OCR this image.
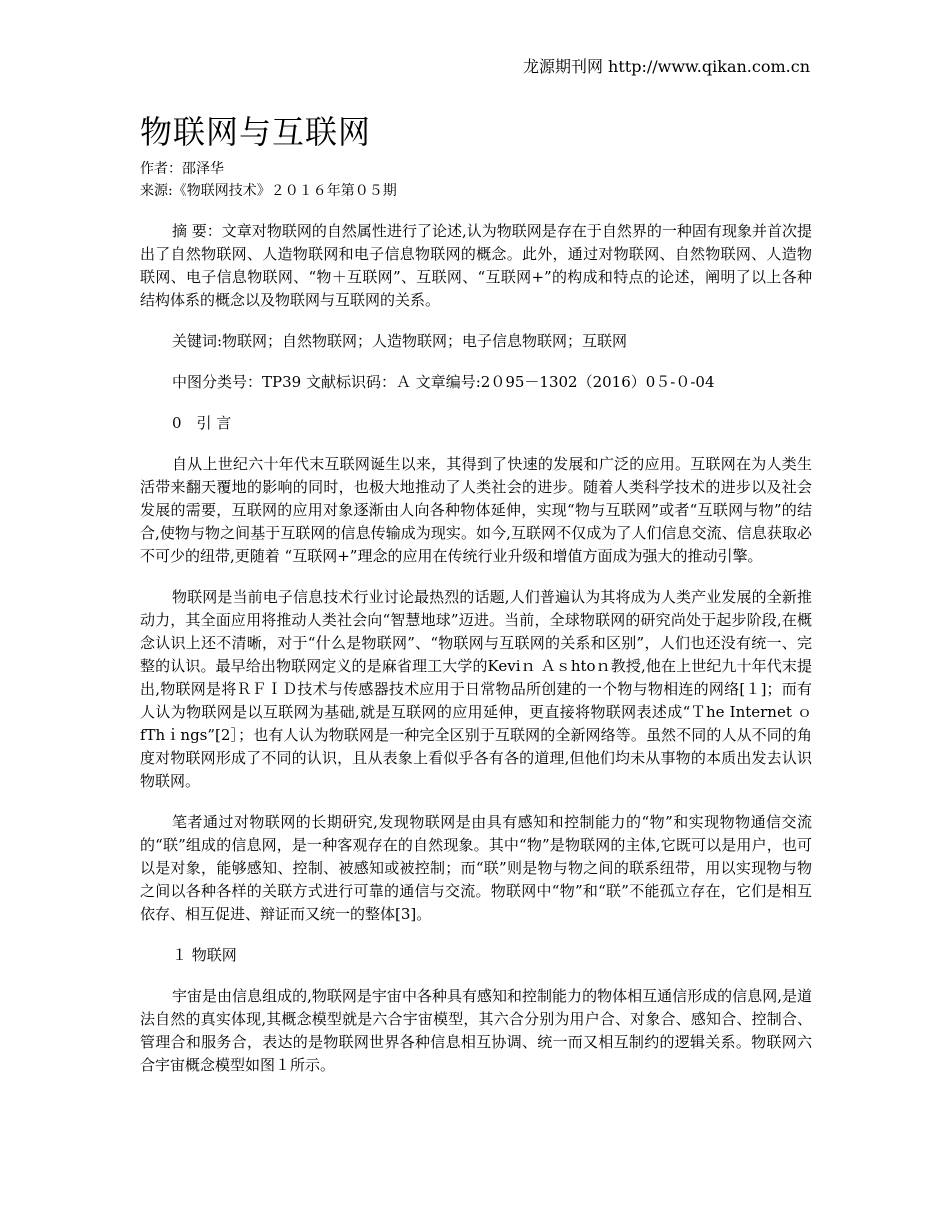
龙源期刊网 http://www.qikan.com.cn
物联网与互联网

作者：邵泽华

来源:《物联网技术》２０１６年第０５期

摘 要：文章对物联网的自然属性进行了论述,认为物联网是存在于自然界的一种固有现象并首次提出了自然物联网、人造物联网和电子信息物联网的概念。此外，通过对物联网、自然物联网、人造物联网、电子信息物联网、“物＋互联网”、互联网、“互联网+”的构成和特点的论述，阐明了以上各种结构体系的概念以及物联网与互联网的关系。

关键词:物联网；自然物联网；人造物联网；电子信息物联网；互联网

中图分类号：TP39 文献标识码：Ａ 文章编号:2０95－1302（2016）0５-０-04

0　引 言

自从上世纪六十年代末互联网诞生以来，其得到了快速的发展和广泛的应用。互联网在为人类生活带来翻天覆地的影响的同时，也极大地推动了人类社会的进步。随着人类科学技术的进步以及社会发展的需要，互联网的应用对象逐渐由人向各种物体延伸，实现“物与互联网”或者“互联网与物”的结合,使物与物之间基于互联网的信息传输成为现实。如今,互联网不仅成为了人们信息交流、信息获取必不可少的纽带,更随着 “互联网+”理念的应用在传统行业升级和增值方面成为强大的推动引擎。

物联网是当前电子信息技术行业讨论最热烈的话题,人们普遍认为其将成为人类产业发展的全新推动力，其全面应用将推动人类社会向“智慧地球”迈进。当前，全球物联网的研究尚处于起步阶段,在概念认识上还不清晰，对于“什么是物联网”、“物联网与互联网的关系和区别”，人们也还没有统一、完整的认识。最早给出物联网定义的是麻省理工大学的Keviｎ Ａｓhtoｎ教授,他在上世纪九十年代末提出,物联网是将ＲＦＩＤ技术与传感器技术应用于日常物品所创建的一个物与物相连的网络[１]；而有人认为物联网是以互联网为基础,就是互联网的应用延伸，更直接将物联网表述成“Ｔhe Internet ｏfThｉngs”[2］；也有人认为物联网是一种完全区别于互联网的全新网络等。虽然不同的人从不同的角度对物联网形成了不同的认识，且从表象上看似乎各有各的道理,但他们均未从事物的本质出发去认识物联网。

笔者通过对物联网的长期研究,发现物联网是由具有感知和控制能力的“物”和实现物物通信交流的“联”组成的信息网，是一种客观存在的自然现象。其中“物”是物联网的主体,它既可以是用户，也可以是对象，能够感知、控制、被感知或被控制；而“联”则是物与物之间的联系纽带，用以实现物与物之间以各种各样的关联方式进行可靠的通信与交流。物联网中“物”和“联”不能孤立存在，它们是相互依存、相互促进、辩证而又统一的整体[3]。

１ 物联网

宇宙是由信息组成的,物联网是宇宙中各种具有感知和控制能力的物体相互通信形成的信息网,是道法自然的真实体现,其概念模型就是六合宇宙模型，其六合分别为用户合、对象合、感知合、控制合、管理合和服务合，表达的是物联网世界各种信息相互协调、统一而又相互制约的逻辑关系。物联网六合宇宙概念模型如图１所示。
